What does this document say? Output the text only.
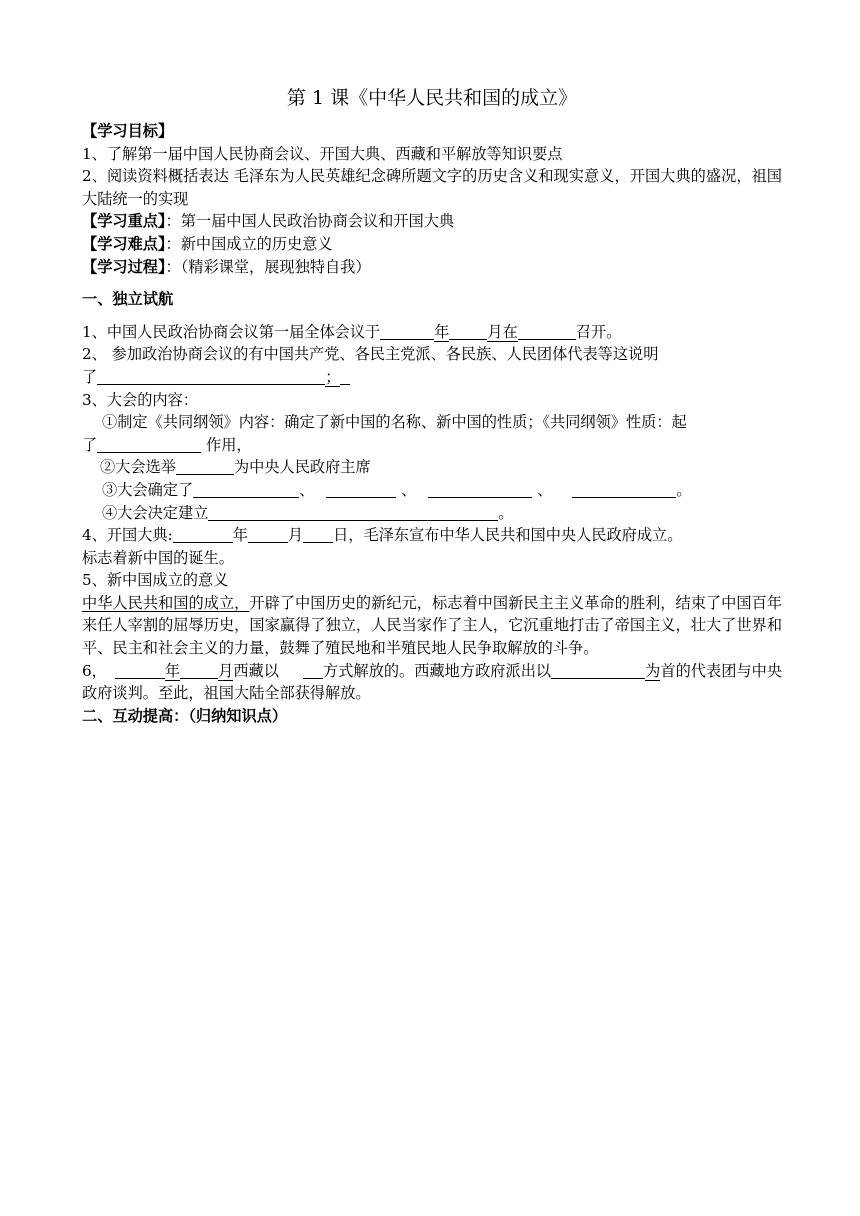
第 1 课《中华人民共和国的成立》
【学习目标】
1、了解第一届中国人民协商会议、开国大典、西藏和平解放等知识要点
2、阅读资料概括表达 毛泽东为人民英雄纪念碑所题文字的历史含义和现实意义，开国大典的盛况，祖国大陆统一的实现
【学习重点】：第一届中国人民政治协商会议和开国大典
【学习难点】：新中国成立的历史意义
【学习过程】：（精彩课堂，展现独特自我）
一、独立试航
1、中国人民政治协商会议第一届全体会议于	年	月在	召开。
2、 参加政治协商会议的有中国共产党、各民主党派、各民族、人民团体代表等这说明
了	；
3、大会的内容：
①制定《共同纲领》内容：确定了新中国的名称、新中国的性质；《共同纲领》性质：起
了	作用，
②大会选举	为中央人民政府主席
③大会确定了	、	、	、	。
④大会决定建立	。
4、开国大典:	年	月 日，毛泽东宣布中华人民共和国中央人民政府成立。
标志着新中国的诞生。
5、新中国成立的意义
中华人民共和国的成立，开辟了中国历史的新纪元，标志着中国新民主主义革命的胜利，结束了中国百年来任人宰割的屈辱历史，国家赢得了独立，人民当家作了主人，它沉重地打击了帝国主义，壮大了世界和平、民主和社会主义的力量，鼓舞了殖民地和半殖民地人民争取解放的斗争。
6，	年	月西藏以	方式解放的。西藏地方政府派出以	为首的代表团与中央政府谈判。至此，祖国大陆全部获得解放。
二、互动提高：（归纳知识点）
